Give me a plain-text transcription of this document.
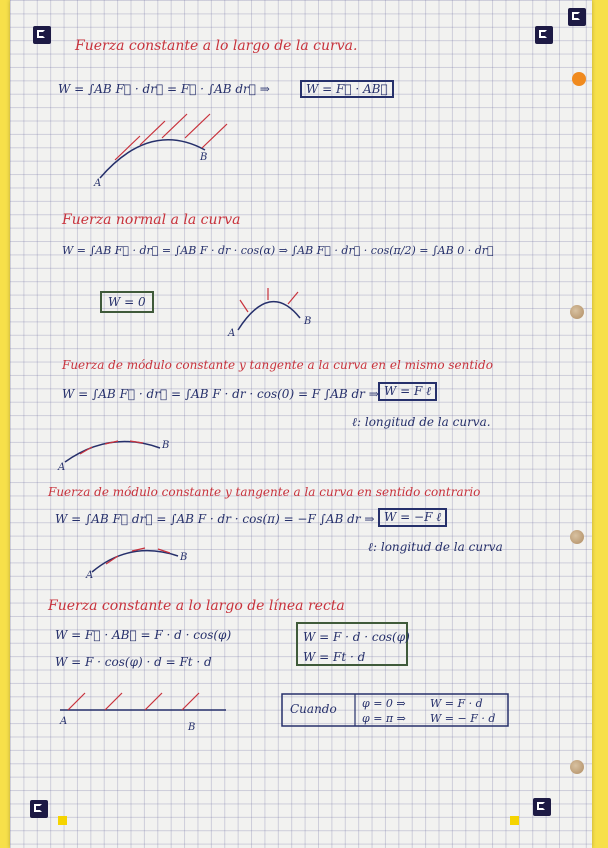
Fuerza constante a lo largo de la curva.
W = ∫AB F⃗ · dr⃗ = F⃗ · ∫AB dr⃗ ⇒	W = F⃗ · AB⃗
A
B
Fuerza normal a la curva
W = ∫AB F⃗ · dr⃗ = ∫AB F · dr · cos(α) ⇒ ∫AB F⃗ · dr⃗ · cos(π/2) = ∫AB 0 · dr⃗
W = 0
A
B
Fuerza de módulo constante y tangente a la curva en el mismo sentido
W = ∫AB F⃗ · dr⃗ = ∫AB F · dr · cos(0) = F ∫AB dr ⇒ W = F ℓ
ℓ: longitud de la curva.
A
B
Fuerza de módulo constante y tangente a la curva en sentido contrario
W = ∫AB F⃗ dr⃗ = ∫AB F · dr · cos(π) = −F ∫AB dr ⇒ W = −F ℓ
ℓ: longitud de la curva
A
B
Fuerza constante a lo largo de línea recta
W = F⃗ · AB⃗ = F · d · cos(φ)
W = F · cos(φ) · d = Ft · d
W = F · d · cos(φ)
W = Ft · d
A
B
Cuando φ = 0 ⇒ W = F · d
φ = π ⇒ W = − F · d
